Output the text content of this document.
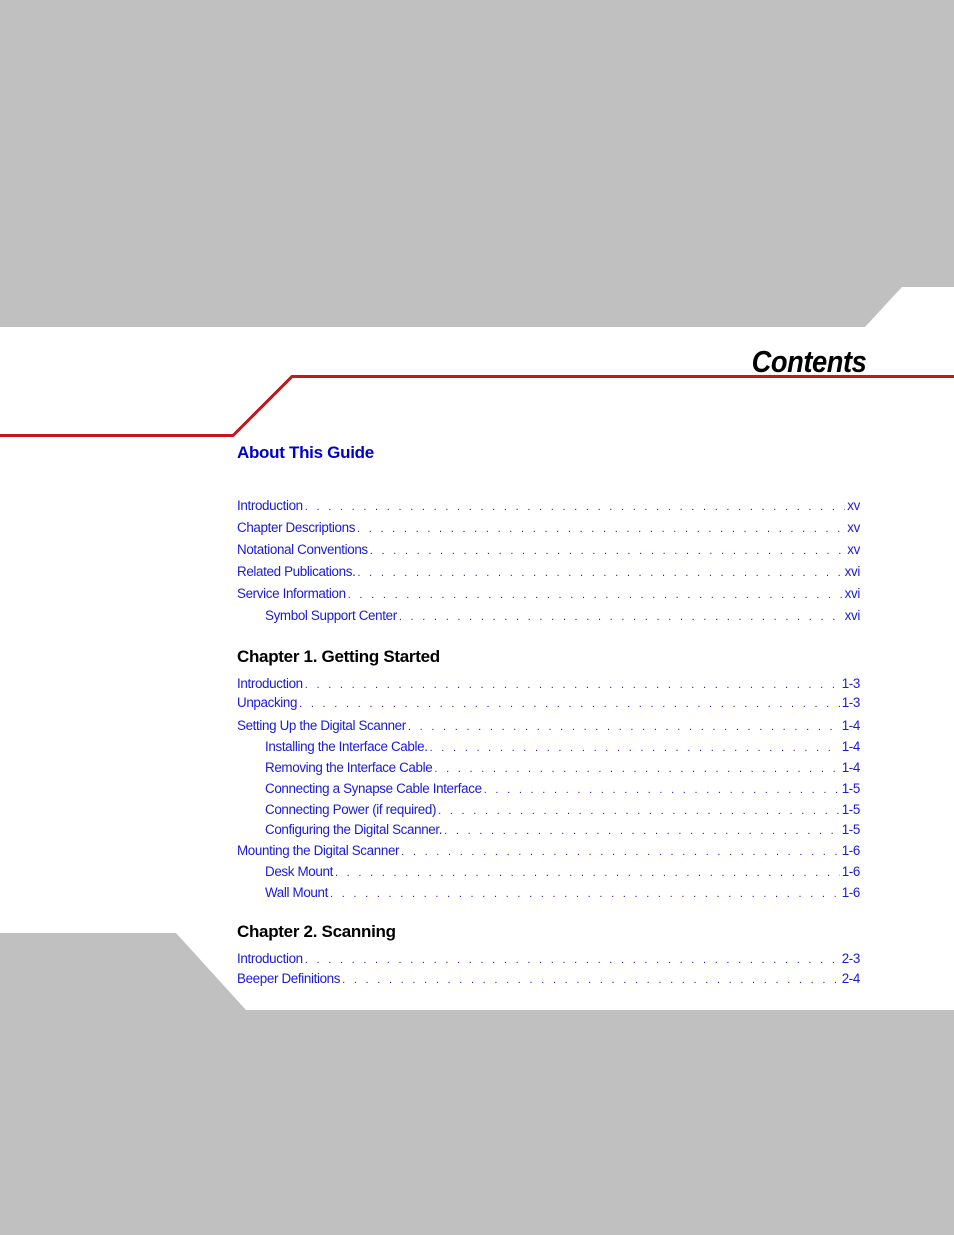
Contents
About This Guide
Introduction . . .	xv
Chapter Descriptions . . .	xv
Notational Conventions . . .	xv
Related Publications. . . .	xvi
Service Information . . .	xvi
Symbol Support Center . . .	xvi
Chapter 1. Getting Started
Introduction . . .	1-3
Unpacking . . .	1-3
Setting Up the Digital Scanner . . .	1-4
Installing the Interface Cable. . . .	1-4
Removing the Interface Cable . . .	1-4
Connecting a Synapse Cable Interface . . .	1-5
Connecting Power (if required) . . .	1-5
Configuring the Digital Scanner. . . .	1-5
Mounting the Digital Scanner . . .	1-6
Desk Mount . . .	1-6
Wall Mount . . .	1-6
Chapter 2. Scanning
Introduction . . .	2-3
Beeper Definitions . . .	2-4
